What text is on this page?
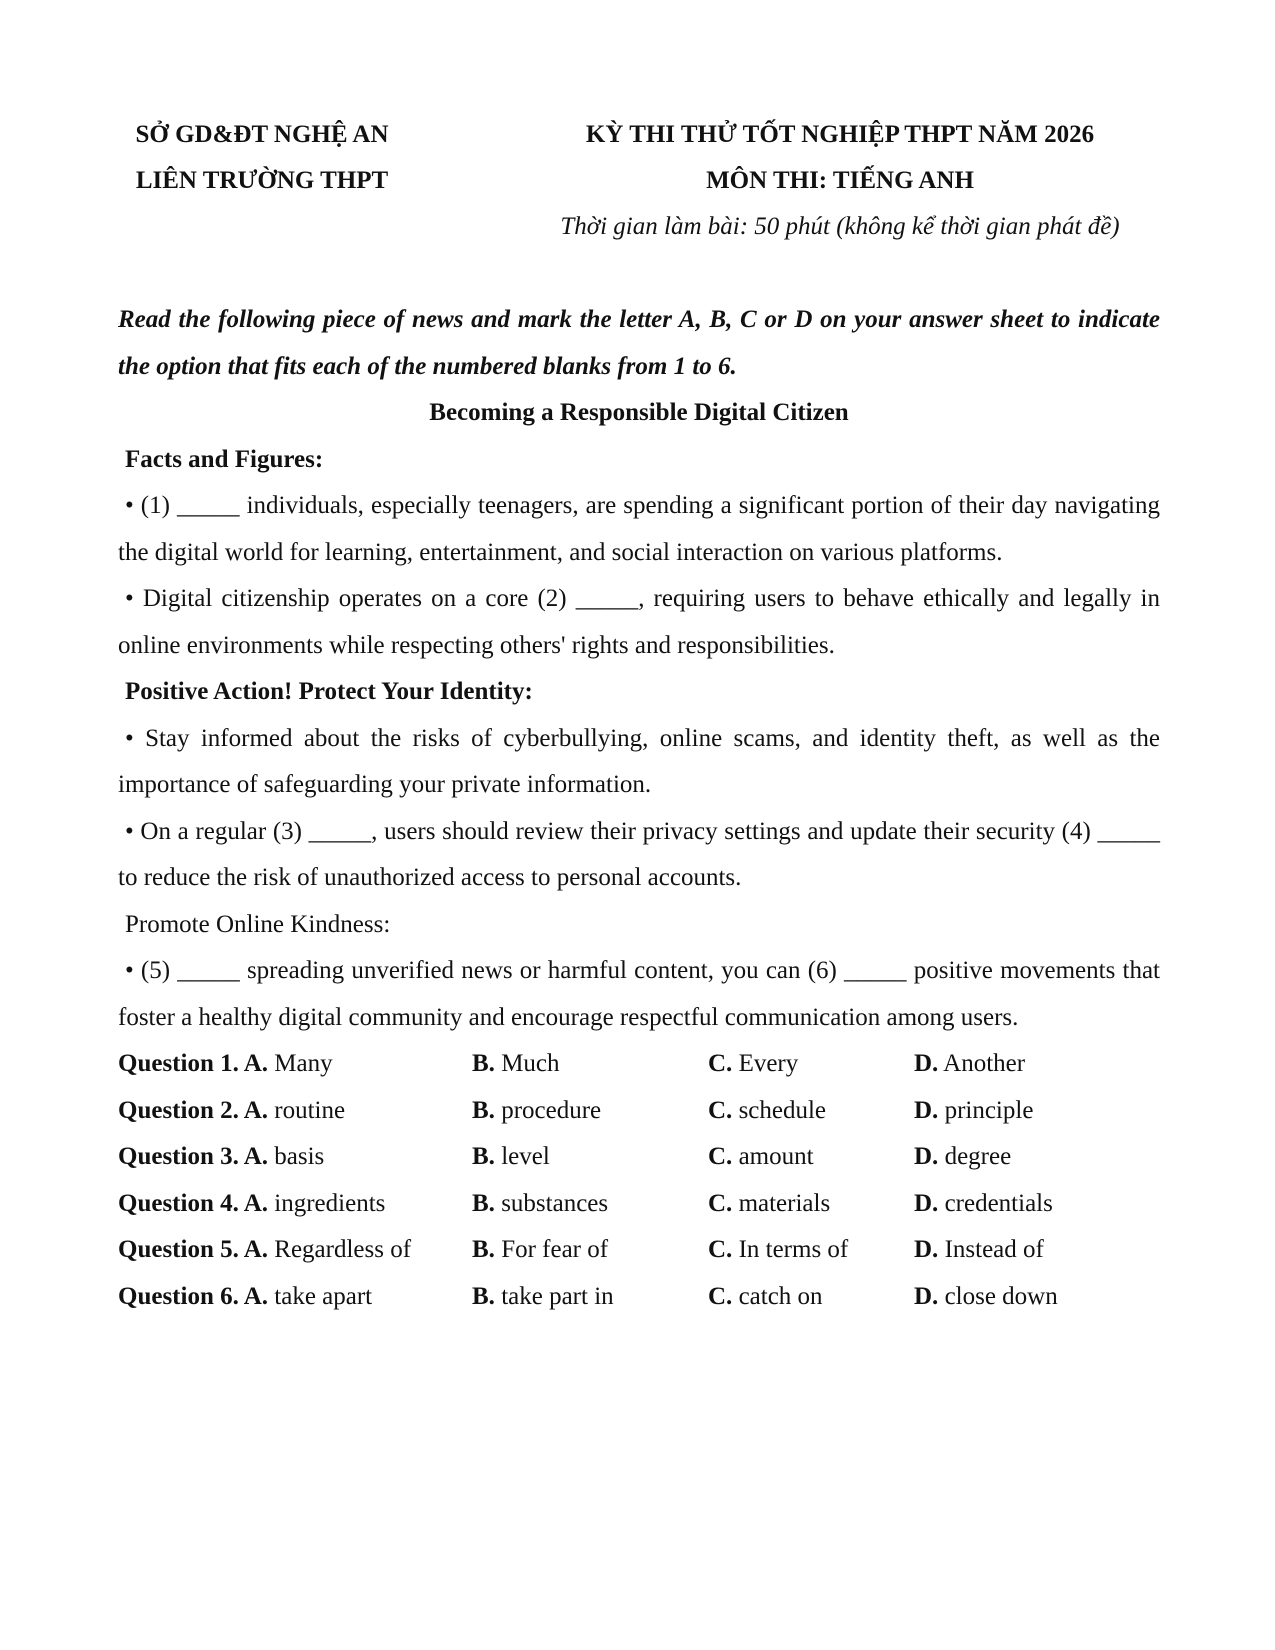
SỞ GD&ĐT NGHỆ AN
LIÊN TRƯỜNG THPT
KỲ THI THỬ TỐT NGHIỆP THPT NĂM 2026
MÔN THI: TIẾNG ANH
Thời gian làm bài: 50 phút (không kể thời gian phát đề)

Read the following piece of news and mark the letter A, B, C or D on your answer sheet to indicate the option that fits each of the numbered blanks from 1 to 6.

Becoming a Responsible Digital Citizen

Facts and Figures:

• (1) _____ individuals, especially teenagers, are spending a significant portion of their day navigating the digital world for learning, entertainment, and social interaction on various platforms.

• Digital citizenship operates on a core (2) _____, requiring users to behave ethically and legally in online environments while respecting others' rights and responsibilities.

Positive Action! Protect Your Identity:

• Stay informed about the risks of cyberbullying, online scams, and identity theft, as well as the importance of safeguarding your private information.

• On a regular (3) _____, users should review their privacy settings and update their security (4) _____ to reduce the risk of unauthorized access to personal accounts.

Promote Online Kindness:

• (5) _____ spreading unverified news or harmful content, you can (6) _____ positive movements that foster a healthy digital community and encourage respectful communication among users.

Question 1. A. Many	B. Much	C. Every	D. Another
Question 2. A. routine	B. procedure	C. schedule	D. principle
Question 3. A. basis	B. level	C. amount	D. degree
Question 4. A. ingredients	B. substances	C. materials	D. credentials
Question 5. A. Regardless of	B. For fear of	C. In terms of	D. Instead of
Question 6. A. take apart	B. take part in	C. catch on	D. close down
